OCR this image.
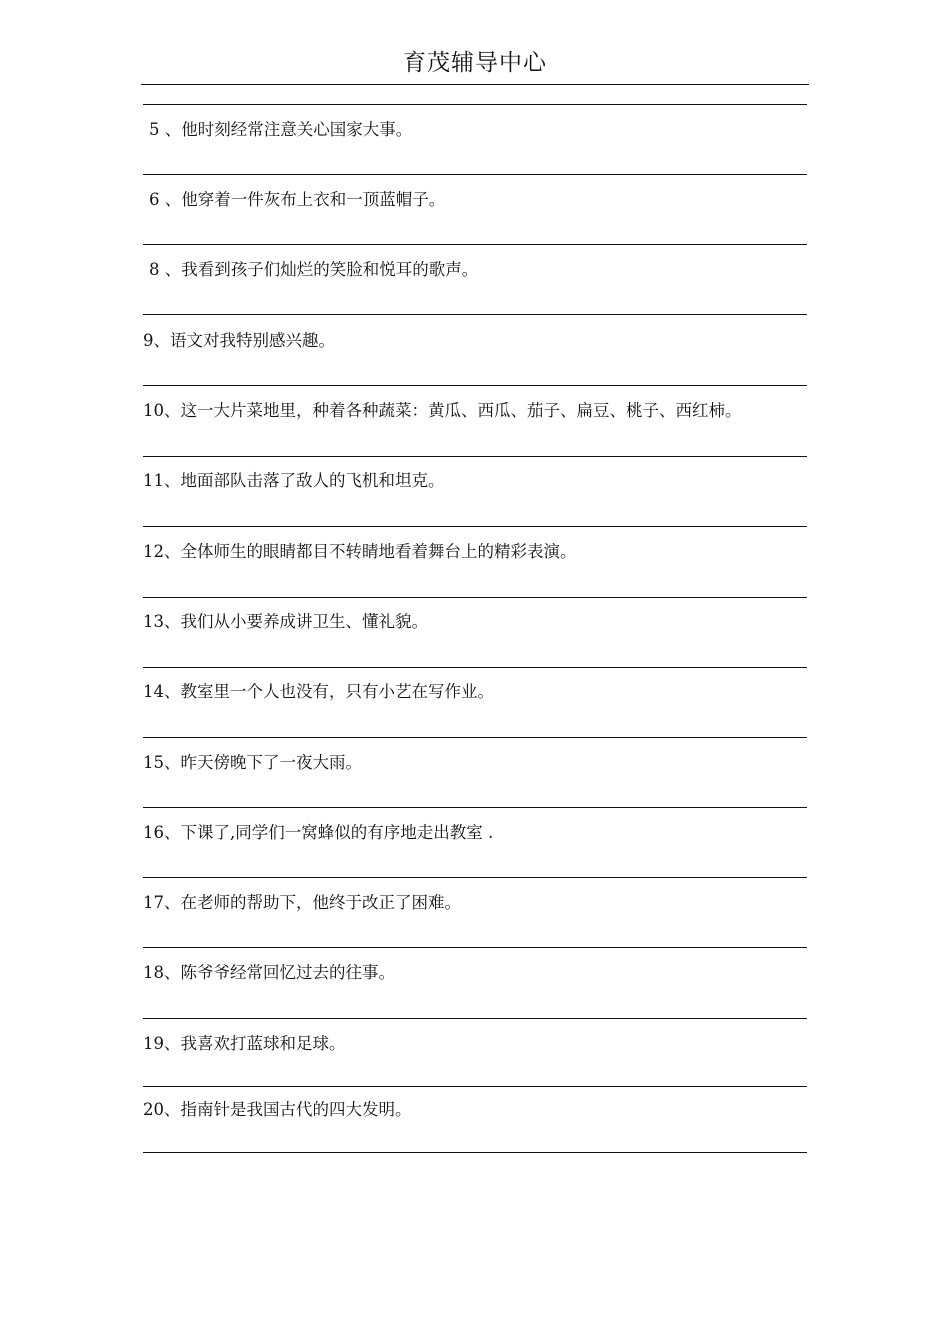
育茂辅导中心
5 、他时刻经常注意关心国家大事。
6 、他穿着一件灰布上衣和一顶蓝帽子。
8 、我看到孩子们灿烂的笑脸和悦耳的歌声。
9、语文对我特别感兴趣。
10、这一大片菜地里，种着各种蔬菜：黄瓜、西瓜、茄子、扁豆、桃子、西红柿。
11、地面部队击落了敌人的飞机和坦克。
12、全体师生的眼睛都目不转睛地看着舞台上的精彩表演。
13、我们从小要养成讲卫生、懂礼貌。
14、教室里一个人也没有，只有小艺在写作业。
15、昨天傍晚下了一夜大雨。
16、下课了,同学们一窝蜂似的有序地走出教室 .
17、在老师的帮助下，他终于改正了困难。
18、陈爷爷经常回忆过去的往事。
19、我喜欢打蓝球和足球。
20、指南针是我国古代的四大发明。
